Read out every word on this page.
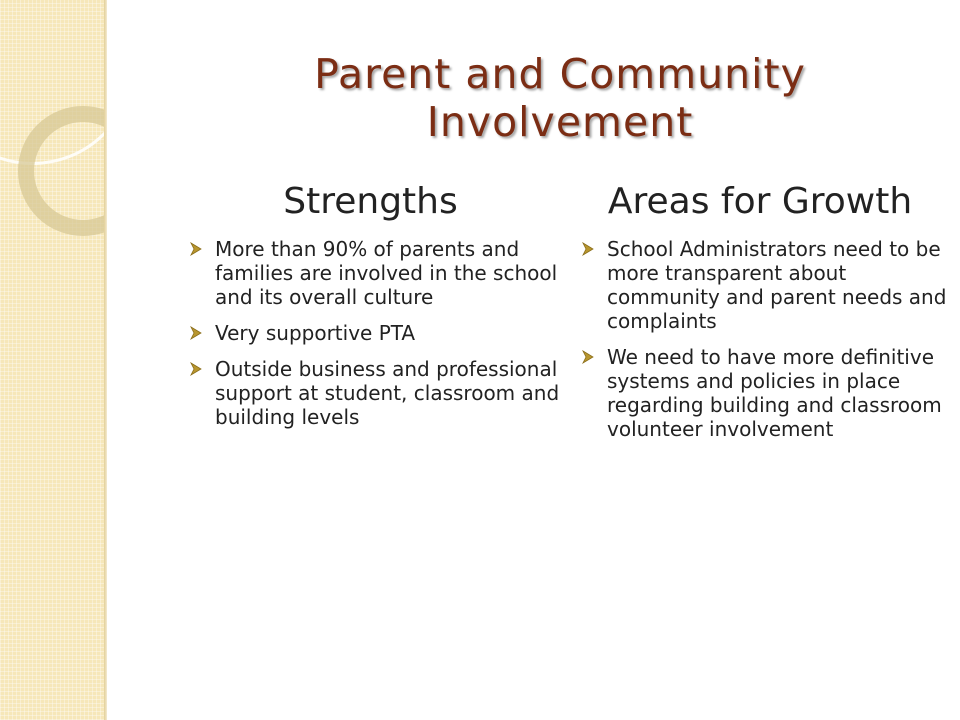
Parent and Community Involvement
Strengths	Areas for Growth
More than 90% of parents and families are involved in the school and its overall culture
Very supportive PTA
Outside business and professional support at student, classroom and building levels
School Administrators need to be more transparent about community and parent needs and complaints
We need to have more definitive systems and policies in place regarding building and classroom volunteer involvement
